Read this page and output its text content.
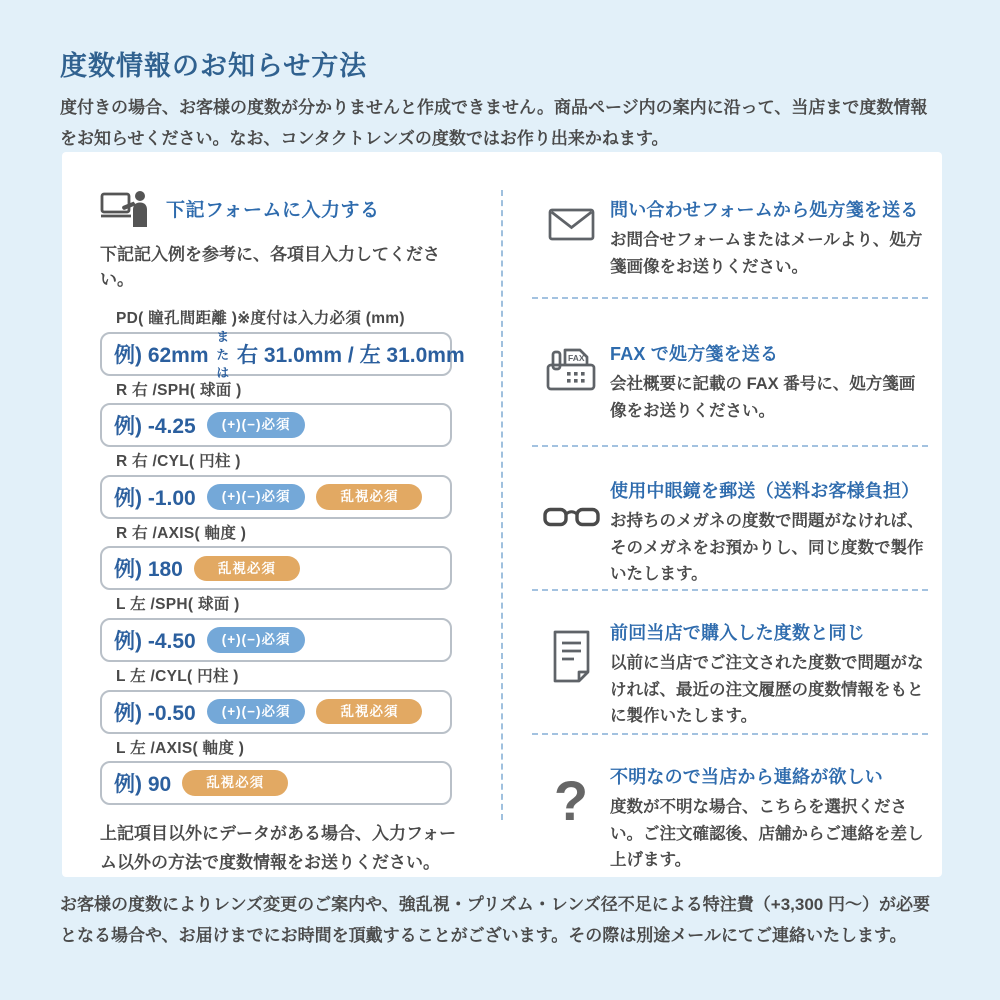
度数情報のお知らせ方法
度付きの場合、お客様の度数が分かりませんと作成できません。商品ページ内の案内に沿って、当店まで度数情報をお知らせください。なお、コンタクトレンズの度数ではお作り出来かねます。
下記フォームに入力する
下記記入例を参考に、各項目入力してください。
PD( 瞳孔間距離 )※度付は入力必須 (mm)
例) 62mm
または
右 31.0mm / 左 31.0mm
R 右 /SPH( 球面 )
例) -4.25	(+)(−)必須
R 右 /CYL( 円柱 )
例) -1.00	(+)(−)必須	乱視必須
R 右 /AXIS( 軸度 )
例) 180	乱視必須
L 左 /SPH( 球面 )
例) -4.50	(+)(−)必須
L 左 /CYL( 円柱 )
例) -0.50	(+)(−)必須	乱視必須
L 左 /AXIS( 軸度 )
例) 90	乱視必須
上記項目以外にデータがある場合、入力フォーム以外の方法で度数情報をお送りください。
問い合わせフォームから処方箋を送る
お問合せフォームまたはメールより、処方箋画像をお送りください。
FAX FAX で処方箋を送る
会社概要に記載の FAX 番号に、処方箋画像をお送りください。
使用中眼鏡を郵送（送料お客様負担）
お持ちのメガネの度数で問題がなければ、そのメガネをお預かりし、同じ度数で製作いたします。
前回当店で購入した度数と同じ
以前に当店でご注文された度数で問題がなければ、最近の注文履歴の度数情報をもとに製作いたします。
? 不明なので当店から連絡が欲しい
度数が不明な場合、こちらを選択ください。ご注文確認後、店舗からご連絡を差し上げます。
お客様の度数によりレンズ変更のご案内や、強乱視・プリズム・レンズ径不足による特注費（+3,300 円～）が必要となる場合や、お届けまでにお時間を頂戴することがございます。その際は別途メールにてご連絡いたします。
